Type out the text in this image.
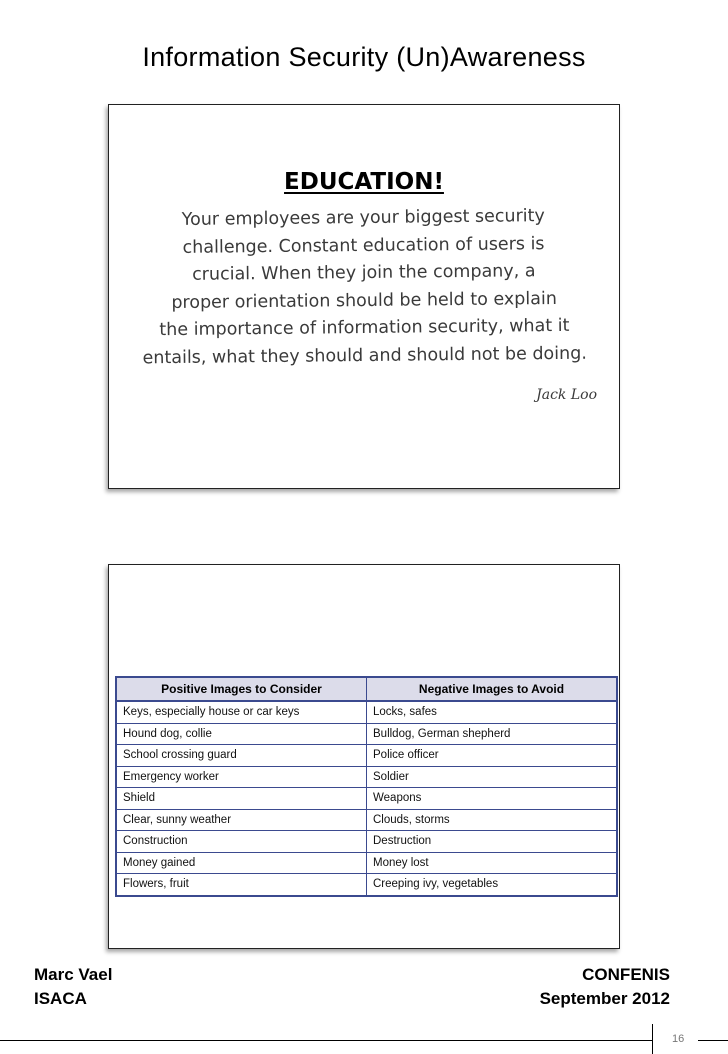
Information Security (Un)Awareness
EDUCATION!
Your employees are your biggest security
challenge. Constant education of users is
crucial. When they join the company, a
proper orientation should be held to explain
the importance of information security, what it
entails, what they should and should not be doing.
Jack Loo
Positive Images to Consider	Negative Images to Avoid
Keys, especially house or car keys	Locks, safes
Hound dog, collie	Bulldog, German shepherd
School crossing guard	Police officer
Emergency worker	Soldier
Shield	Weapons
Clear, sunny weather	Clouds, storms
Construction	Destruction
Money gained	Money lost
Flowers, fruit	Creeping ivy, vegetables
Marc Vael
ISACA
CONFENIS
September 2012
16
